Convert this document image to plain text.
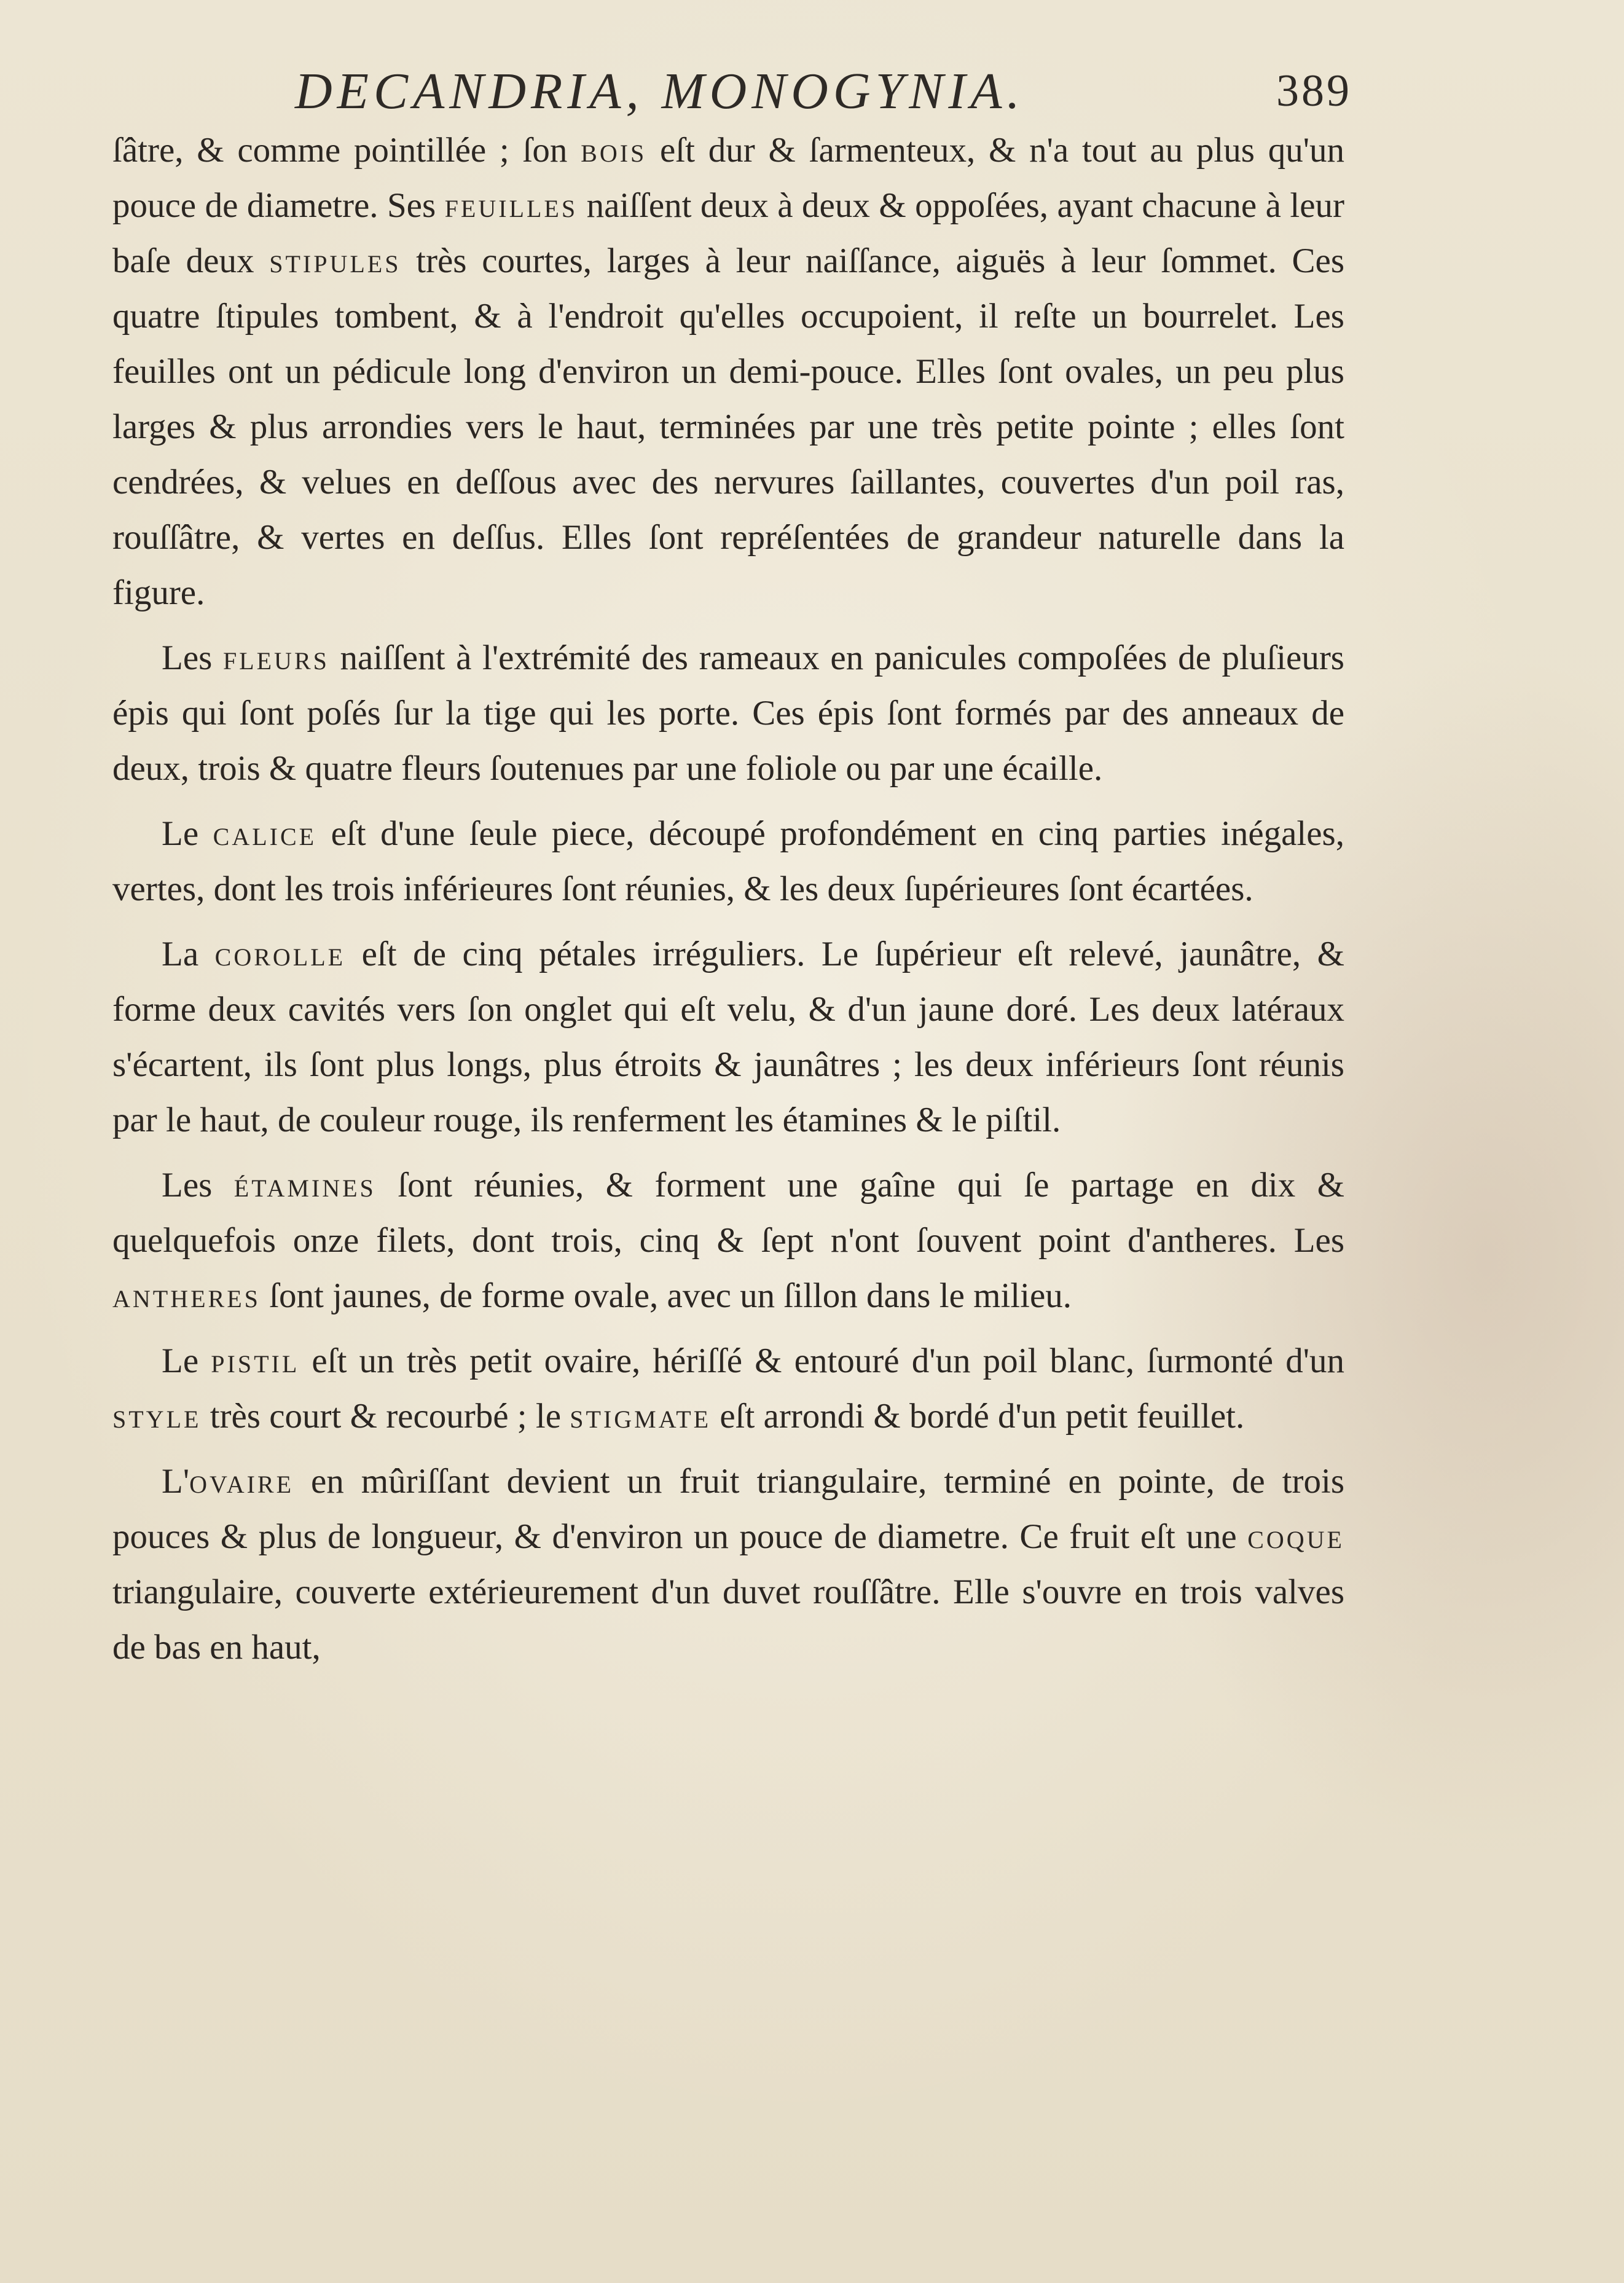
DECANDRIA, MONOGYNIA.	389

ſâtre, & comme pointillée ; ſon bois eſt dur & ſarmenteux, & n'a tout au plus qu'un pouce de diametre. Ses feuilles naiſſent deux à deux & oppoſées, ayant chacune à leur baſe deux stipules très courtes, larges à leur naiſſance, aiguës à leur ſommet. Ces quatre ſtipules tombent, & à l'endroit qu'elles occupoient, il reſte un bourrelet. Les feuilles ont un pédicule long d'environ un demi-pouce. Elles ſont ovales, un peu plus larges & plus arrondies vers le haut, terminées par une très petite pointe ; elles ſont cendrées, & velues en deſſous avec des nervures ſaillantes, couvertes d'un poil ras, rouſſâtre, & vertes en deſſus. Elles ſont repréſentées de grandeur naturelle dans la figure.

Les fleurs naiſſent à l'extrémité des rameaux en panicules compoſées de pluſieurs épis qui ſont poſés ſur la tige qui les porte. Ces épis ſont formés par des anneaux de deux, trois & quatre fleurs ſoutenues par une foliole ou par une écaille.

Le calice eſt d'une ſeule piece, découpé profondément en cinq parties inégales, vertes, dont les trois inférieures ſont réunies, & les deux ſupérieures ſont écartées.

La corolle eſt de cinq pétales irréguliers. Le ſupérieur eſt relevé, jaunâtre, & forme deux cavités vers ſon onglet qui eſt velu, & d'un jaune doré. Les deux latéraux s'écartent, ils ſont plus longs, plus étroits & jaunâtres ; les deux inférieurs ſont réunis par le haut, de couleur rouge, ils renferment les étamines & le piſtil.

Les étamines ſont réunies, & forment une gaîne qui ſe partage en dix & quelquefois onze filets, dont trois, cinq & ſept n'ont ſouvent point d'antheres. Les antheres ſont jaunes, de forme ovale, avec un ſillon dans le milieu.

Le pistil eſt un très petit ovaire, hériſſé & entouré d'un poil blanc, ſurmonté d'un style très court & recourbé ; le stigmate eſt arrondi & bordé d'un petit feuillet.

L'ovaire en mûriſſant devient un fruit triangulaire, terminé en pointe, de trois pouces & plus de longueur, & d'environ un pouce de diametre. Ce fruit eſt une coque triangulaire, couverte extérieurement d'un duvet rouſſâtre. Elle s'ouvre en trois valves de bas en haut,
